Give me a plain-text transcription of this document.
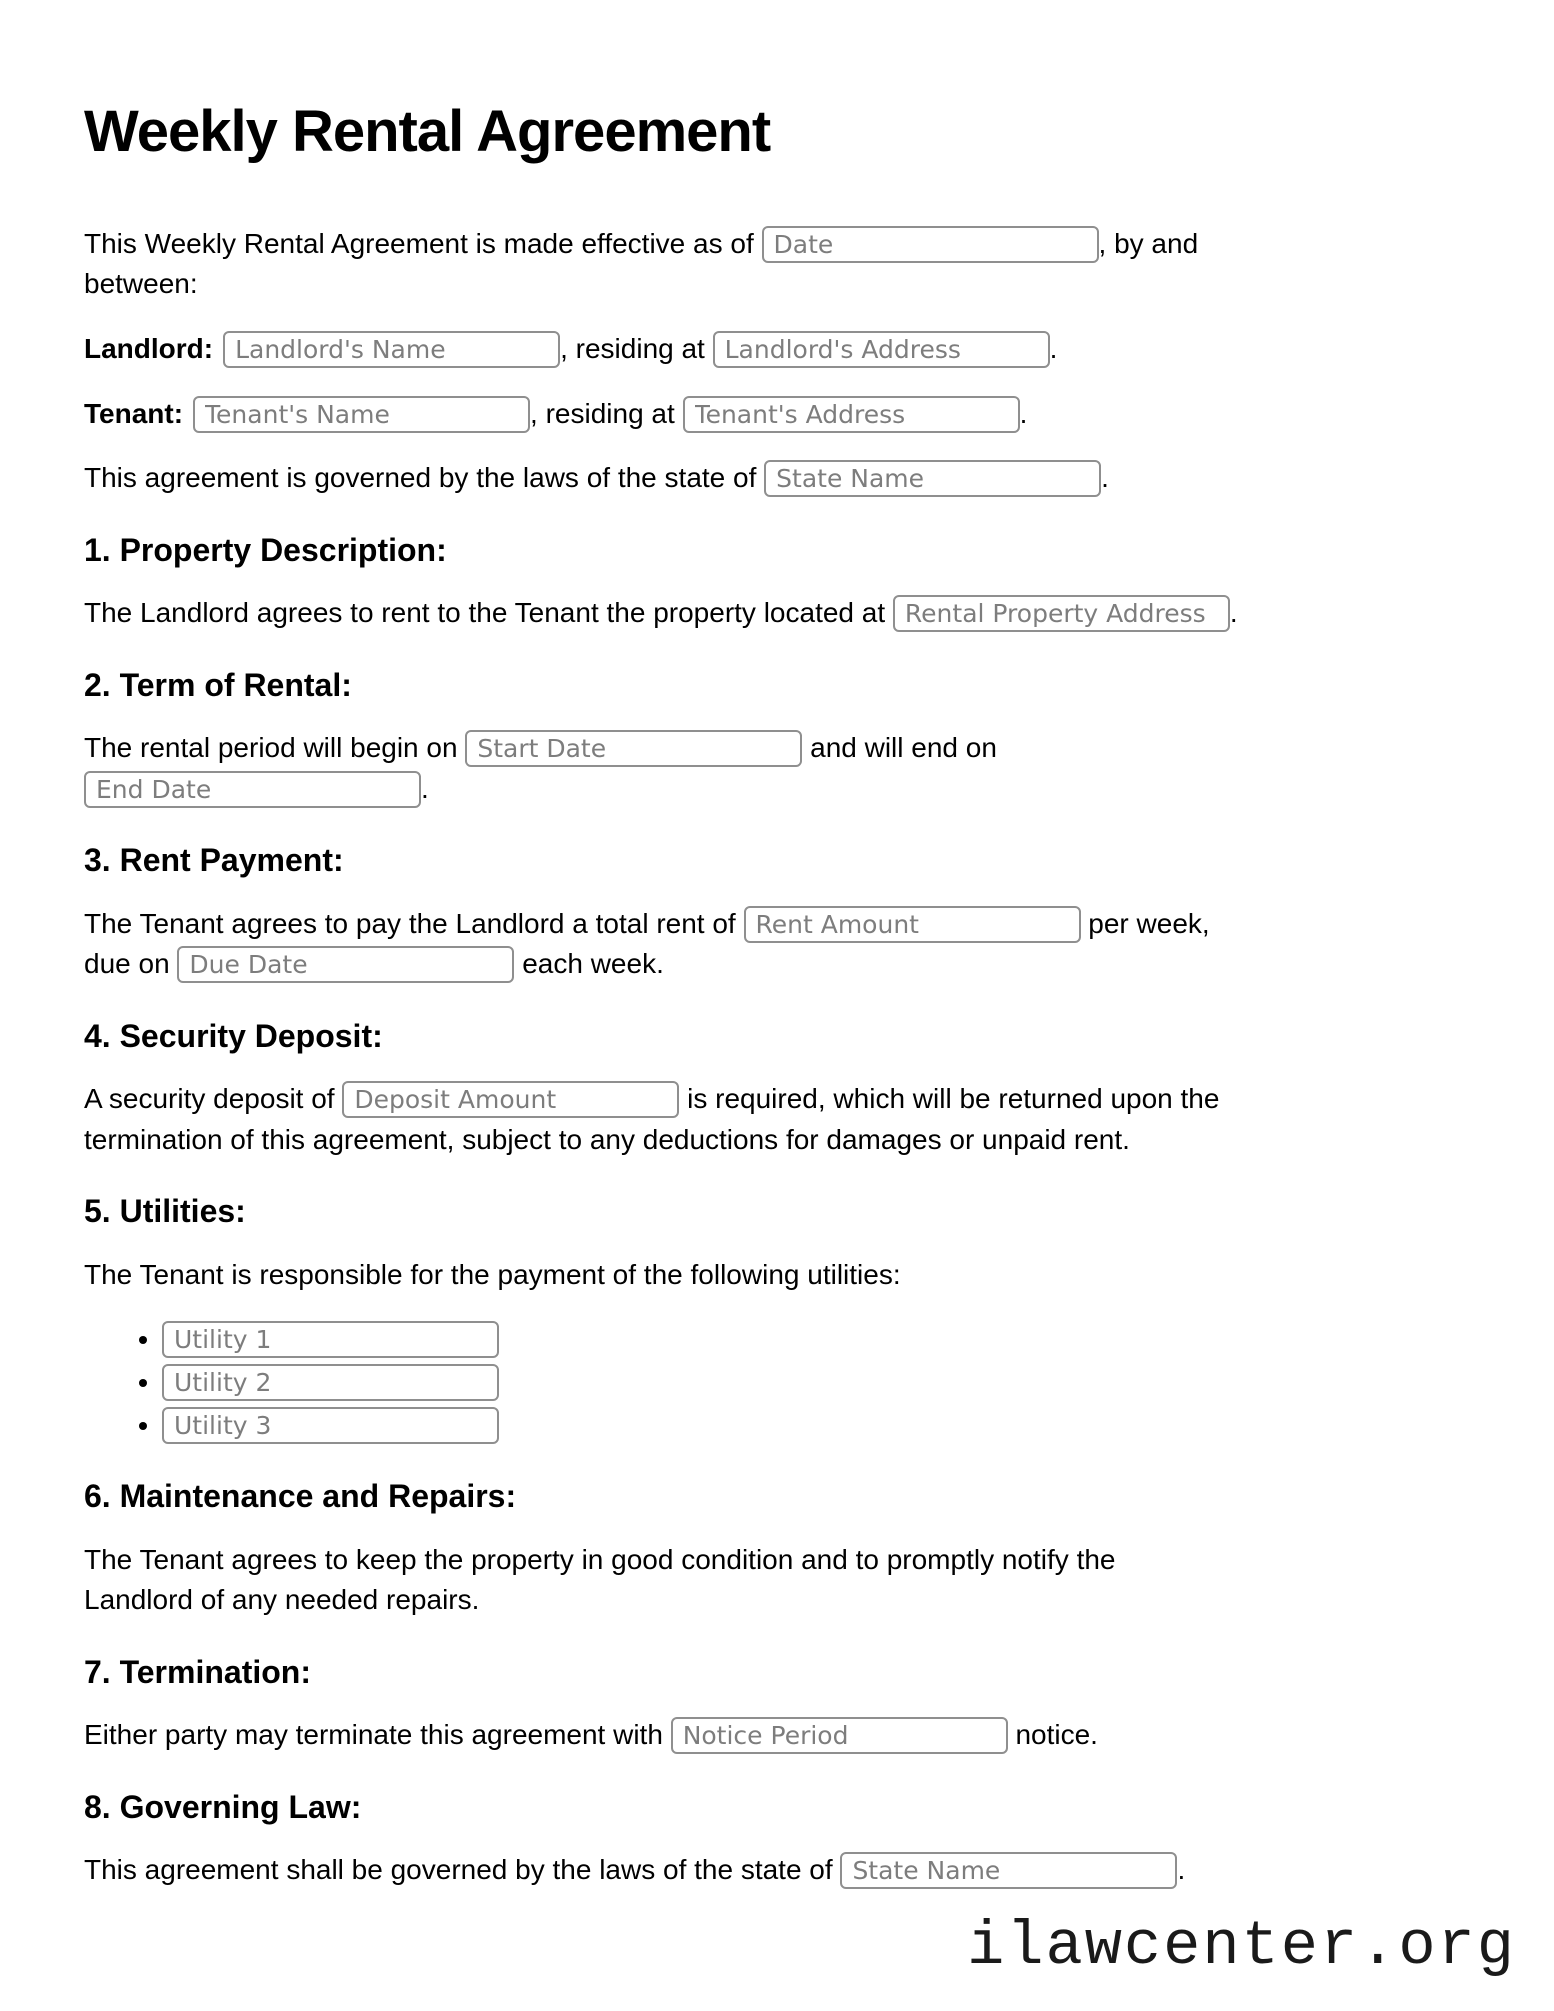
Weekly Rental Agreement

This Weekly Rental Agreement is made effective as of Date	, by and
between:

Landlord:Landlord's Name	, residing at Landlord's Address	.

Tenant:Tenant's Name	, residing at Tenant's Address	.

This agreement is governed by the laws of the state of State Name	.

1. Property Description:

The Landlord agrees to rent to the Tenant the property located at Rental Property Address	.

2. Term of Rental:

The rental period will begin on Start Date	and will end on
End Date.

3. Rent Payment:

The Tenant agrees to pay the Landlord a total rent of Rent Amount	per week,
due on Due Date	each week.

4. Security Deposit:

A security deposit of Deposit Amount	is required, which will be returned upon the
termination of this agreement, subject to any deductions for damages or unpaid rent.

5. Utilities:

The Tenant is responsible for the payment of the following utilities:

• Utility 1
• Utility 2
• Utility 3
6. Maintenance and Repairs:

The Tenant agrees to keep the property in good condition and to promptly notify the
Landlord of any needed repairs.

7. Termination:

Either party may terminate this agreement with Notice Period	notice.

8. Governing Law:

This agreement shall be governed by the laws of the state of State Name	.

ilawcenter.org
